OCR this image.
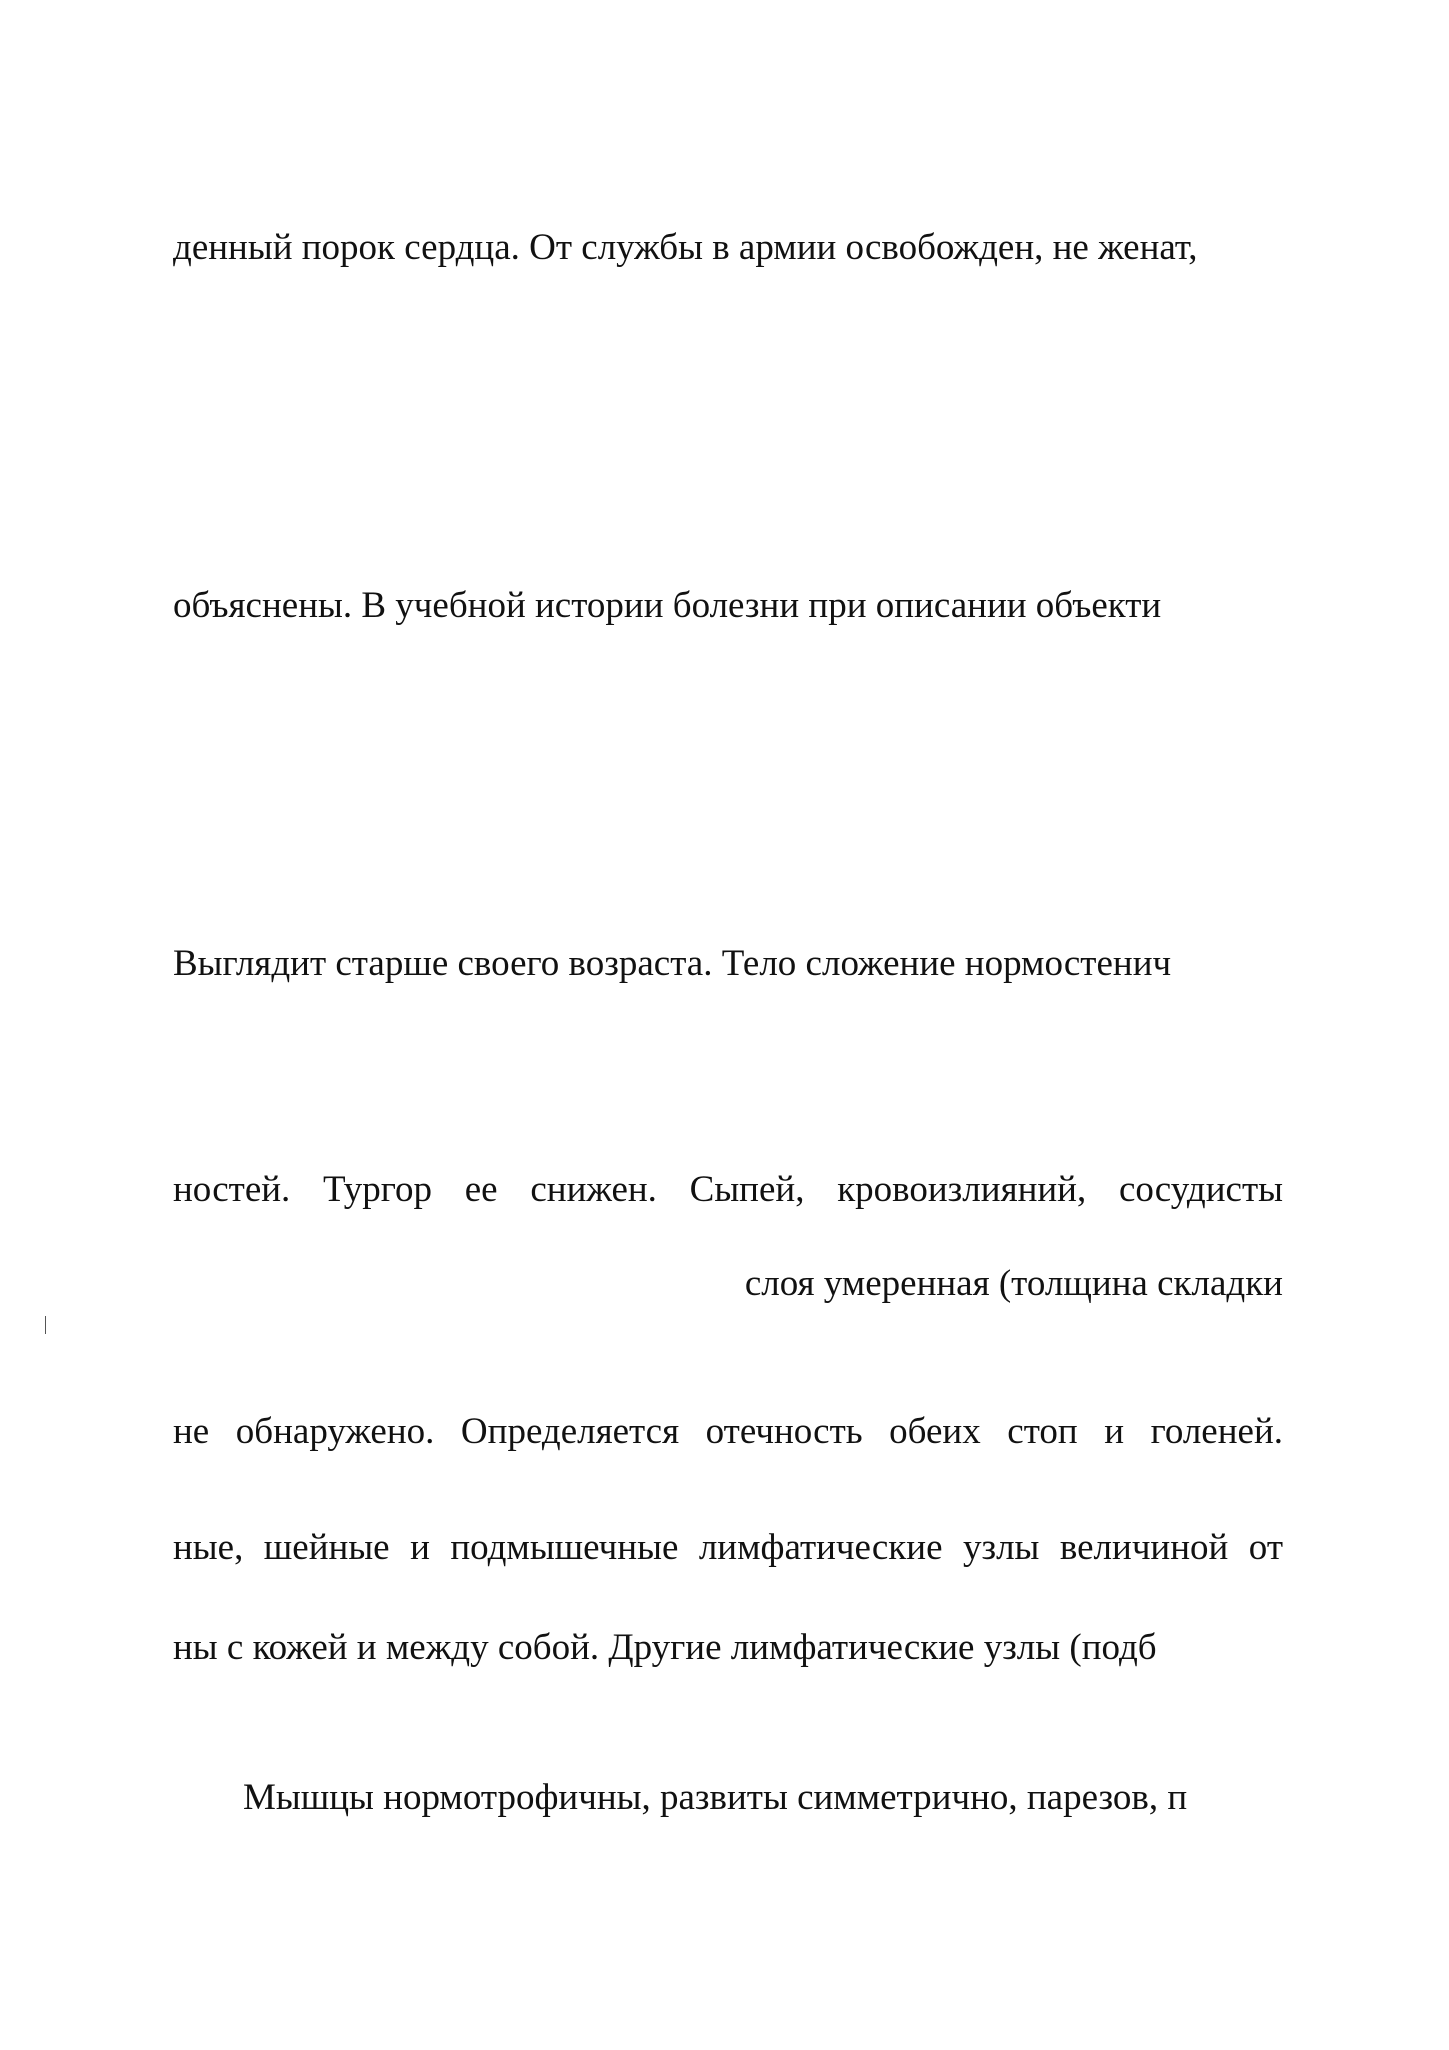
денный порок сердца. От службы в армии освобожден, не женат,
объяснены. В учебной истории болезни при описании объекти
Выглядит старше своего возраста. Тело сложение нормостенич
ностей. Тургор ее снижен. Сыпей, кровоизлияний, сосудисты
слоя умеренная (толщина складки
не обнаружено. Определяется отечность обеих стоп и голеней.
ные, шейные и подмышечные лимфатические узлы величиной от
ны с кожей и между собой. Другие лимфатические узлы (подб
Мышцы нормотрофичны, развиты симметрично, парезов, п
